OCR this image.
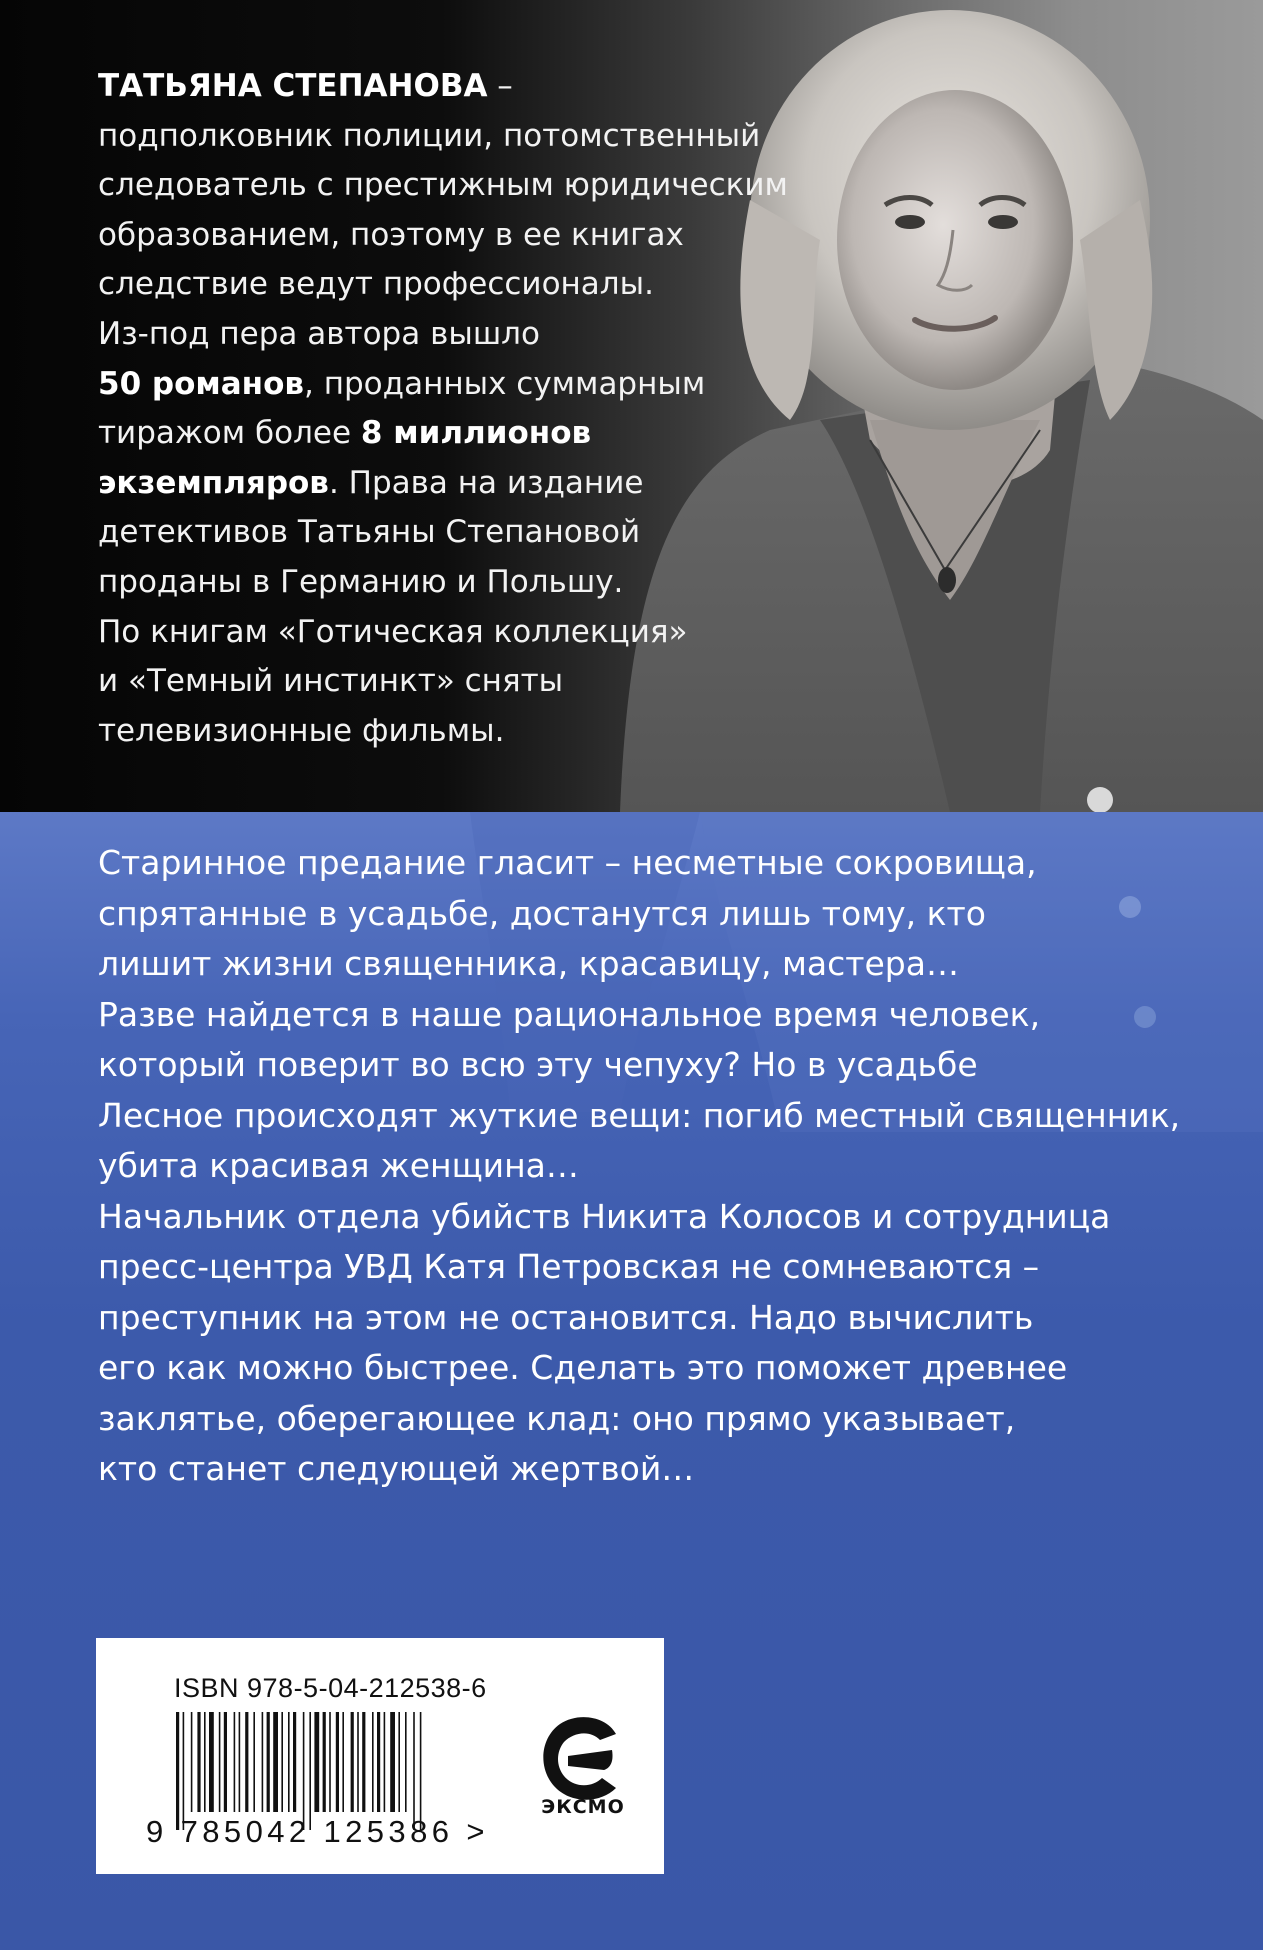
ТАТЬЯНА СТЕПАНОВА –

подполковник полиции, потомственный

следователь с престижным юридическим

образованием, поэтому в ее книгах

следствие ведут профессионалы.

Из-под пера автора вышло

50 романов, проданных суммарным

тиражом более 8 миллионов

экземпляров. Права на издание

детективов Татьяны Степановой

проданы в Германию и Польшу.

По книгам «Готическая коллекция»

и «Темный инстинкт» сняты

телевизионные фильмы.

Старинное предание гласит – несметные сокровища,

спрятанные в усадьбе, достанутся лишь тому, кто

лишит жизни священника, красавицу, мастера…

Разве найдется в наше рациональное время человек,

который поверит во всю эту чепуху? Но в усадьбе

Лесное происходят жуткие вещи: погиб местный священник,

убита красивая женщина…

Начальник отдела убийств Никита Колосов и сотрудница

пресс-центра УВД Катя Петровская не сомневаются –

преступник на этом не остановится. Надо вычислить

его как можно быстрее. Сделать это поможет древнее

заклятье, оберегающее клад: оно прямо указывает,

кто станет следующей жертвой…

ISBN 978-5-04-212538-6
9 785042 125386 >
ЭКСМО
